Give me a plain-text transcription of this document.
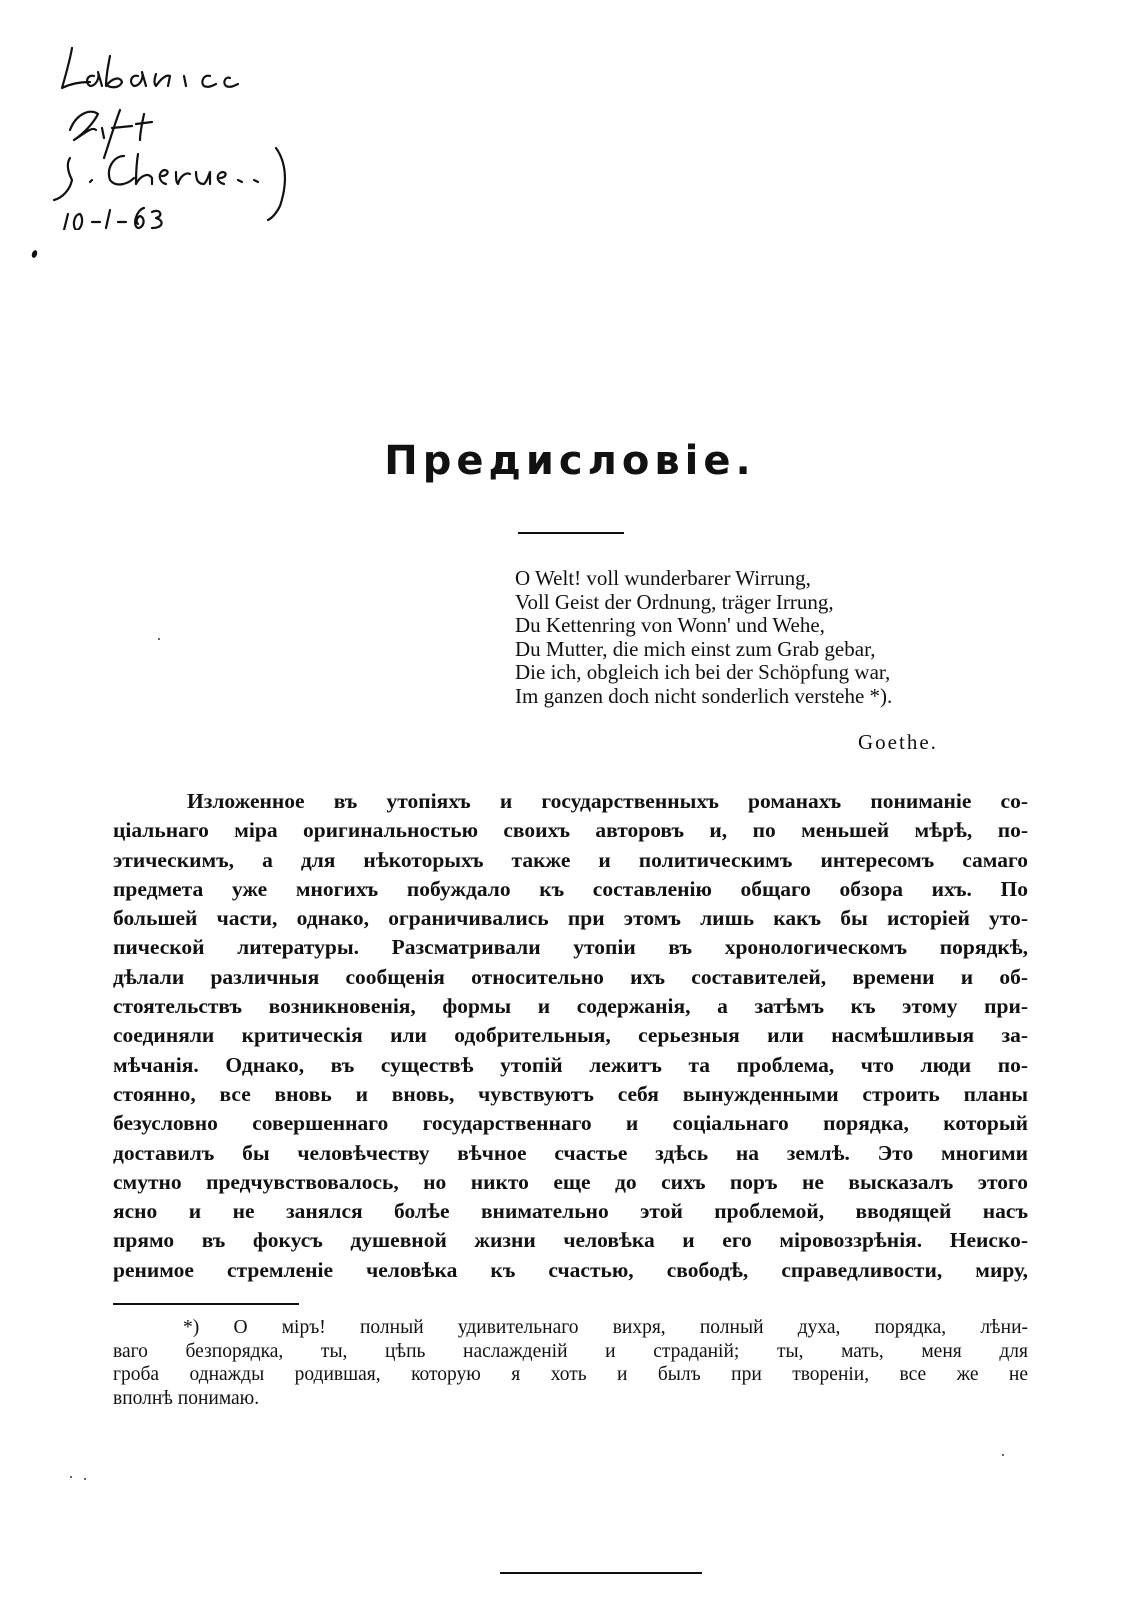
Предисловіе.
O Welt! voll wunderbarer Wirrung,
Voll Geist der Ordnung, träger Irrung,
Du Kettenring von Wonn' und Wehe,
Du Mutter, die mich einst zum Grab gebar,
Die ich, obgleich ich bei der Schöpfung war,
Im ganzen doch nicht sonderlich verstehe *).
Goethe.
Изложенное въ утопіяхъ и государственныхъ романахъ пониманіе со-
ціальнаго міра оригинальностью своихъ авторовъ и, по меньшей мѣрѣ, по-
этическимъ, а для нѣкоторыхъ также и политическимъ интересомъ самаго
предмета уже многихъ побуждало къ составленію общаго обзора ихъ. По
большей части, однако, ограничивались при этомъ лишь какъ бы исторіей уто-
пической литературы. Разсматривали утопіи въ хронологическомъ порядкѣ,
дѣлали различныя сообщенія относительно ихъ составителей, времени и об-
стоятельствъ возникновенія, формы и содержанія, а затѣмъ къ этому при-
соединяли критическія или одобрительныя, серьезныя или насмѣшливыя за-
мѣчанія. Однако, въ существѣ утопій лежитъ та проблема, что люди по-
стоянно, все вновь и вновь, чувствуютъ себя вынужденными строить планы
безусловно совершеннаго государственнаго и соціальнаго порядка, который
доставилъ бы человѣчеству вѣчное счастье здѣсь на землѣ. Это многими
смутно предчувствовалось, но никто еще до сихъ поръ не высказалъ этого
ясно и не занялся болѣе внимательно этой проблемой, вводящей насъ
прямо въ фокусъ душевной жизни человѣка и его міровоззрѣнія. Неиско-
ренимое стремленіе человѣка къ счастью, свободѣ, справедливости, миру,
*) О міръ! полный удивительнаго вихря, полный духа, порядка, лѣни-
ваго безпорядка, ты, цѣпь наслажденій и страданій; ты, мать, меня для
гроба однажды родившая, которую я хоть и былъ при твореніи, все же не
вполнѣ понимаю.
